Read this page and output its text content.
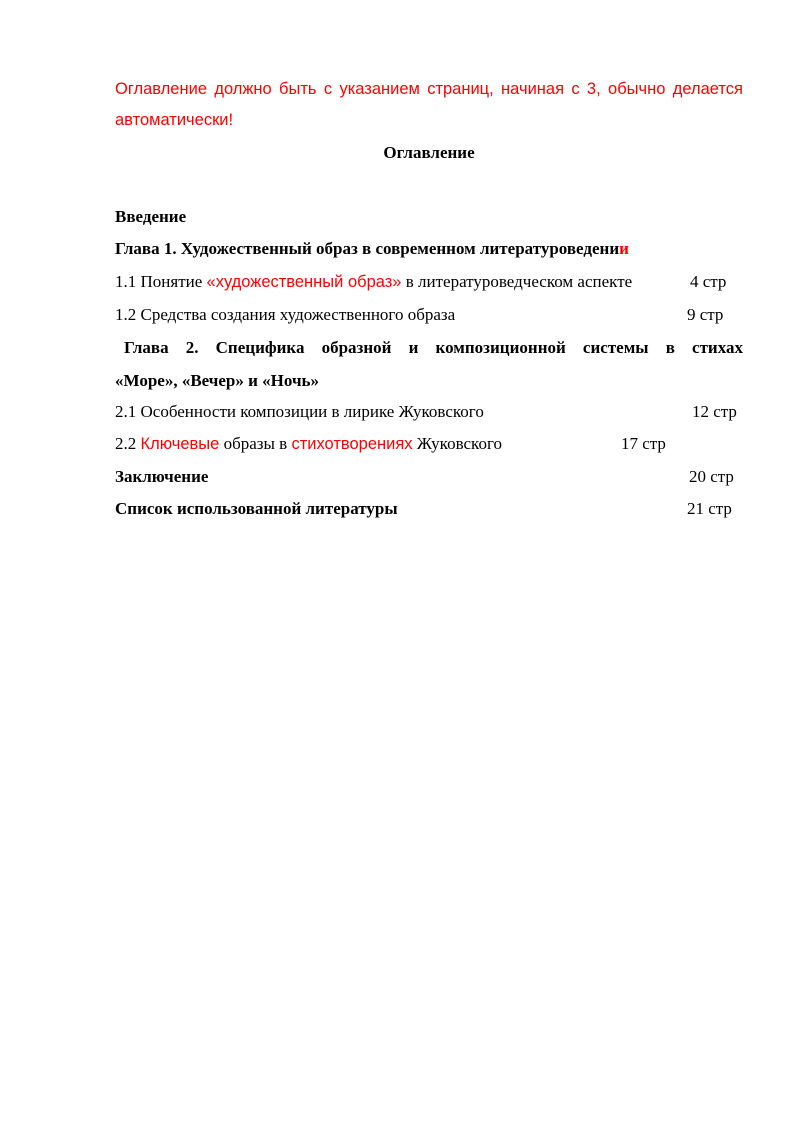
Оглавление должно быть с указанием страниц, начиная с 3, обычно делается автоматически!
Оглавление
Введение
Глава 1. Художественный образ в современном литературоведении
1.1 Понятие «художественный образ» в литературоведческом аспекте	4 стр
1.2 Средства создания художественного образа	9 стр
Глава 2. Специфика образной и композиционной системы в стихах
«Море», «Вечер» и «Ночь»
2.1 Особенности композиции в лирике Жуковского	12 стр
2.2 Ключевые образы в стихотворениях Жуковского	17 стр
Заключение	20 стр
Список использованной литературы	21 стр
